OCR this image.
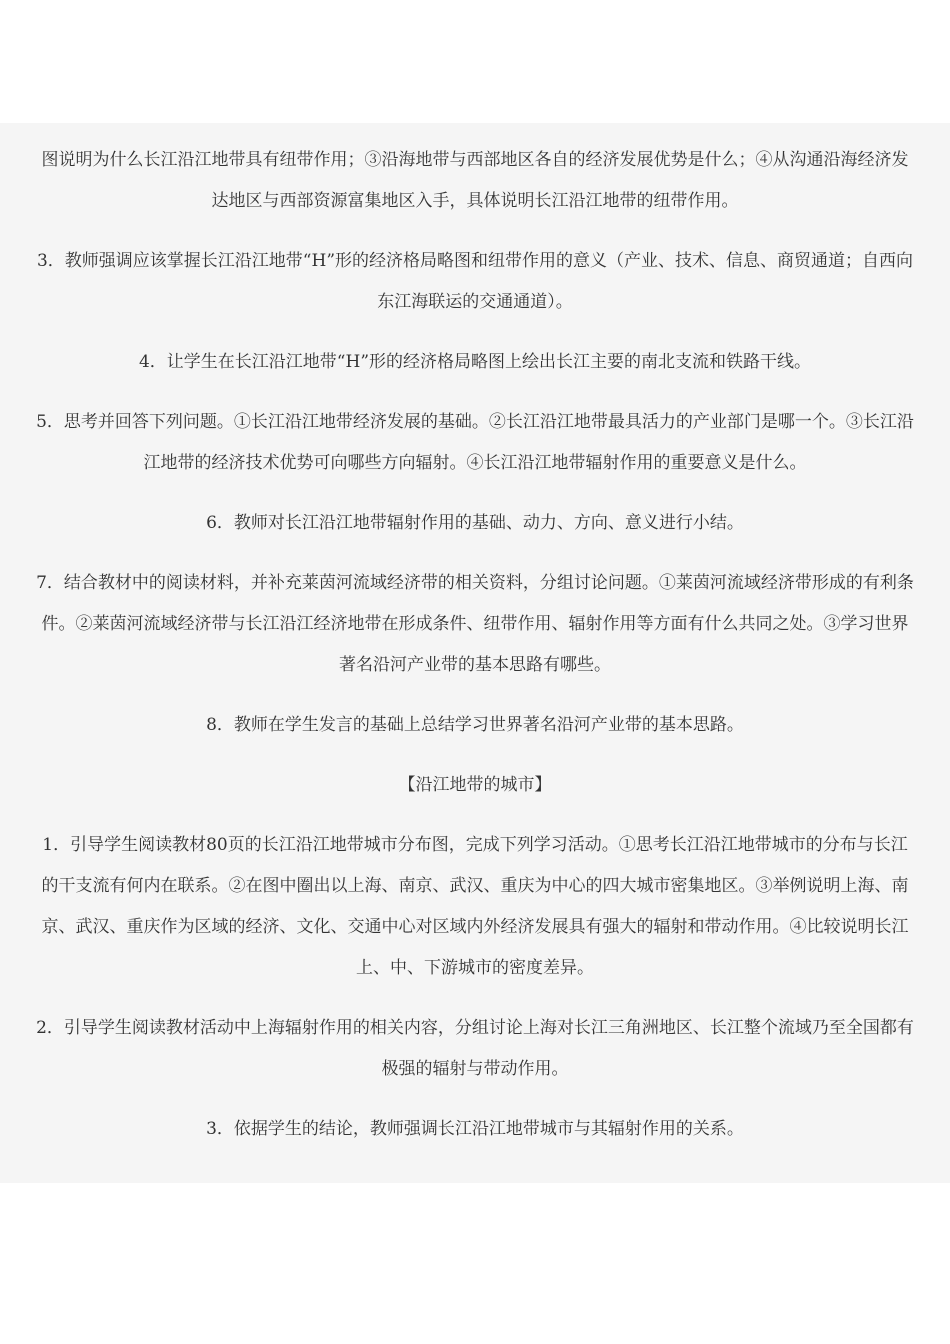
图说明为什么长江沿江地带具有纽带作用；③沿海地带与西部地区各自的经济发展优势是什么；④从沟通沿海经济发达地区与西部资源富集地区入手，具体说明长江沿江地带的纽带作用。

3．教师强调应该掌握长江沿江地带“H”形的经济格局略图和纽带作用的意义（产业、技术、信息、商贸通道；自西向东江海联运的交通通道）。

4．让学生在长江沿江地带“H”形的经济格局略图上绘出长江主要的南北支流和铁路干线。

5．思考并回答下列问题。①长江沿江地带经济发展的基础。②长江沿江地带最具活力的产业部门是哪一个。③长江沿江地带的经济技术优势可向哪些方向辐射。④长江沿江地带辐射作用的重要意义是什么。

6．教师对长江沿江地带辐射作用的基础、动力、方向、意义进行小结。

7．结合教材中的阅读材料，并补充莱茵河流域经济带的相关资料，分组讨论问题。①莱茵河流域经济带形成的有利条件。②莱茵河流域经济带与长江沿江经济地带在形成条件、纽带作用、辐射作用等方面有什么共同之处。③学习世界著名沿河产业带的基本思路有哪些。

8．教师在学生发言的基础上总结学习世界著名沿河产业带的基本思路。

【沿江地带的城市】

1．引导学生阅读教材80页的长江沿江地带城市分布图，完成下列学习活动。①思考长江沿江地带城市的分布与长江的干支流有何内在联系。②在图中圈出以上海、南京、武汉、重庆为中心的四大城市密集地区。③举例说明上海、南京、武汉、重庆作为区域的经济、文化、交通中心对区域内外经济发展具有强大的辐射和带动作用。④比较说明长江上、中、下游城市的密度差异。

2．引导学生阅读教材活动中上海辐射作用的相关内容，分组讨论上海对长江三角洲地区、长江整个流域乃至全国都有极强的辐射与带动作用。

3．依据学生的结论，教师强调长江沿江地带城市与其辐射作用的关系。
